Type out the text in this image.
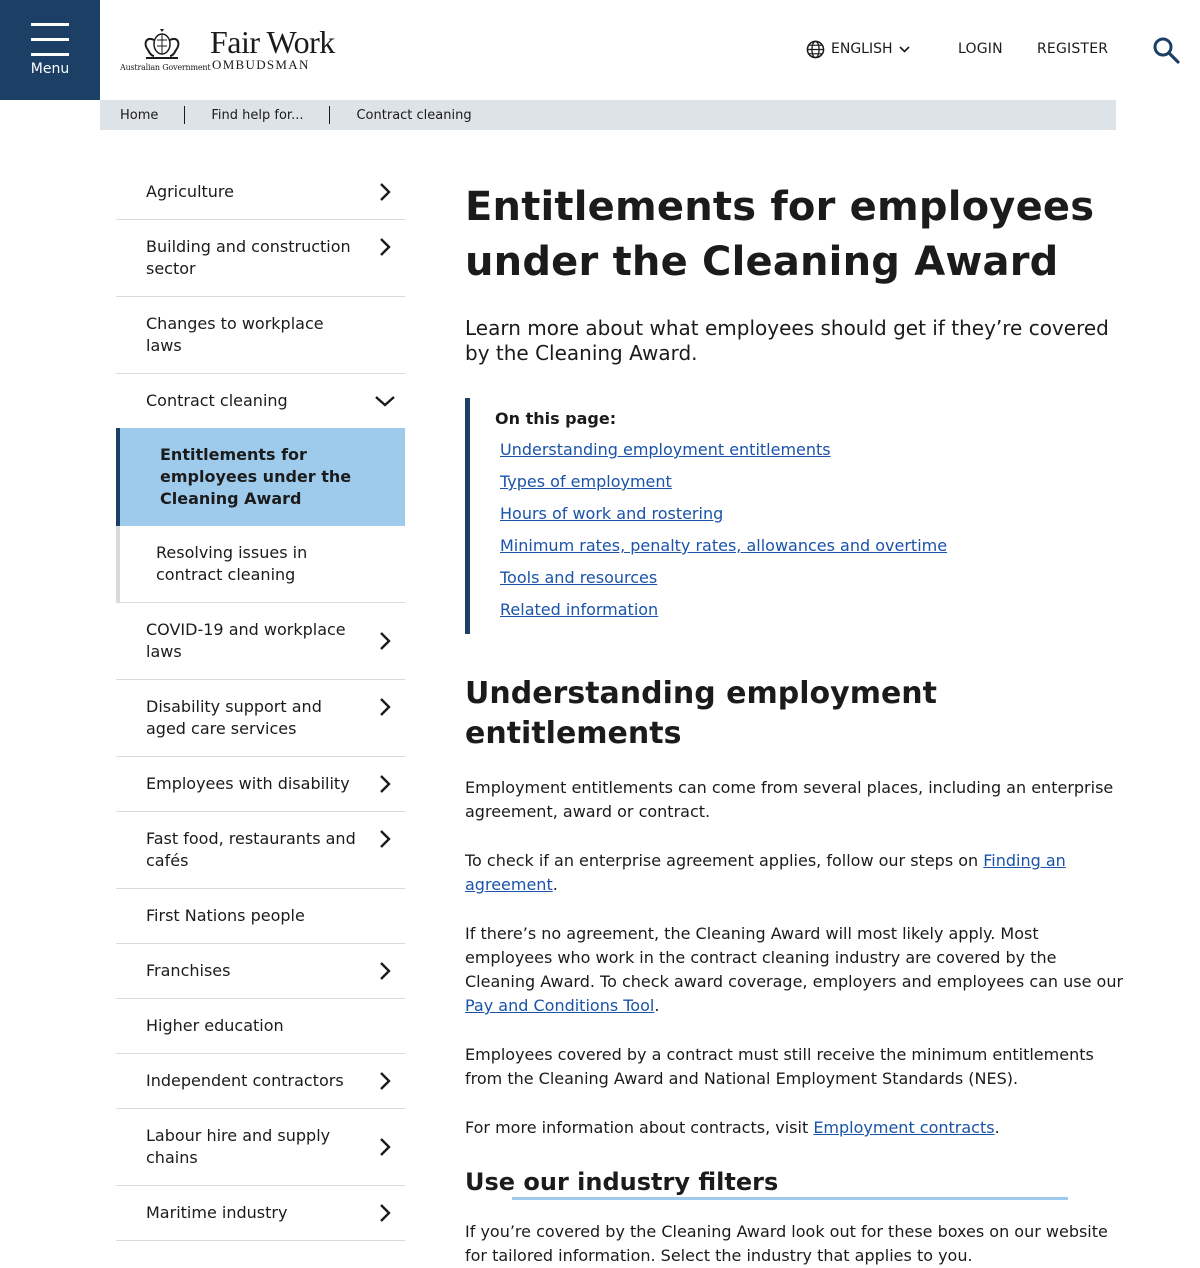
Menu	Australian Government
Fair Work
OMBUDSMAN
ENGLISH	LOGIN REGISTER
Home	Find help for...	Contract cleaning
Agriculture
Building and construction sector
Changes to workplace laws
Contract cleaning
Entitlements for employees under the Cleaning Award
Resolving issues in contract cleaning
COVID-19 and workplace laws
Disability support and aged care services
Employees with disability
Fast food, restaurants and cafés
First Nations people
Franchises
Higher education
Independent contractors
Labour hire and supply chains
Maritime industry
Entitlements for employees under the Cleaning Award

Learn more about what employees should get if they’re covered by the Cleaning Award.

On this page:
Understanding employment entitlements
Types of employment
Hours of work and rostering
Minimum rates, penalty rates, allowances and overtime
Tools and resources
Related information
Understanding employment entitlements

Employment entitlements can come from several places, including an enterprise agreement, award or contract.

To check if an enterprise agreement applies, follow our steps on Finding an agreement.

If there’s no agreement, the Cleaning Award will most likely apply. Most employees who work in the contract cleaning industry are covered by the Cleaning Award. To check award coverage, employers and employees can use our Pay and Conditions Tool.

Employees covered by a contract must still receive the minimum entitlements from the Cleaning Award and National Employment Standards (NES).

For more information about contracts, visit Employment contracts.

Use our industry filters

If you’re covered by the Cleaning Award look out for these boxes on our website for tailored information. Select the industry that applies to you.
